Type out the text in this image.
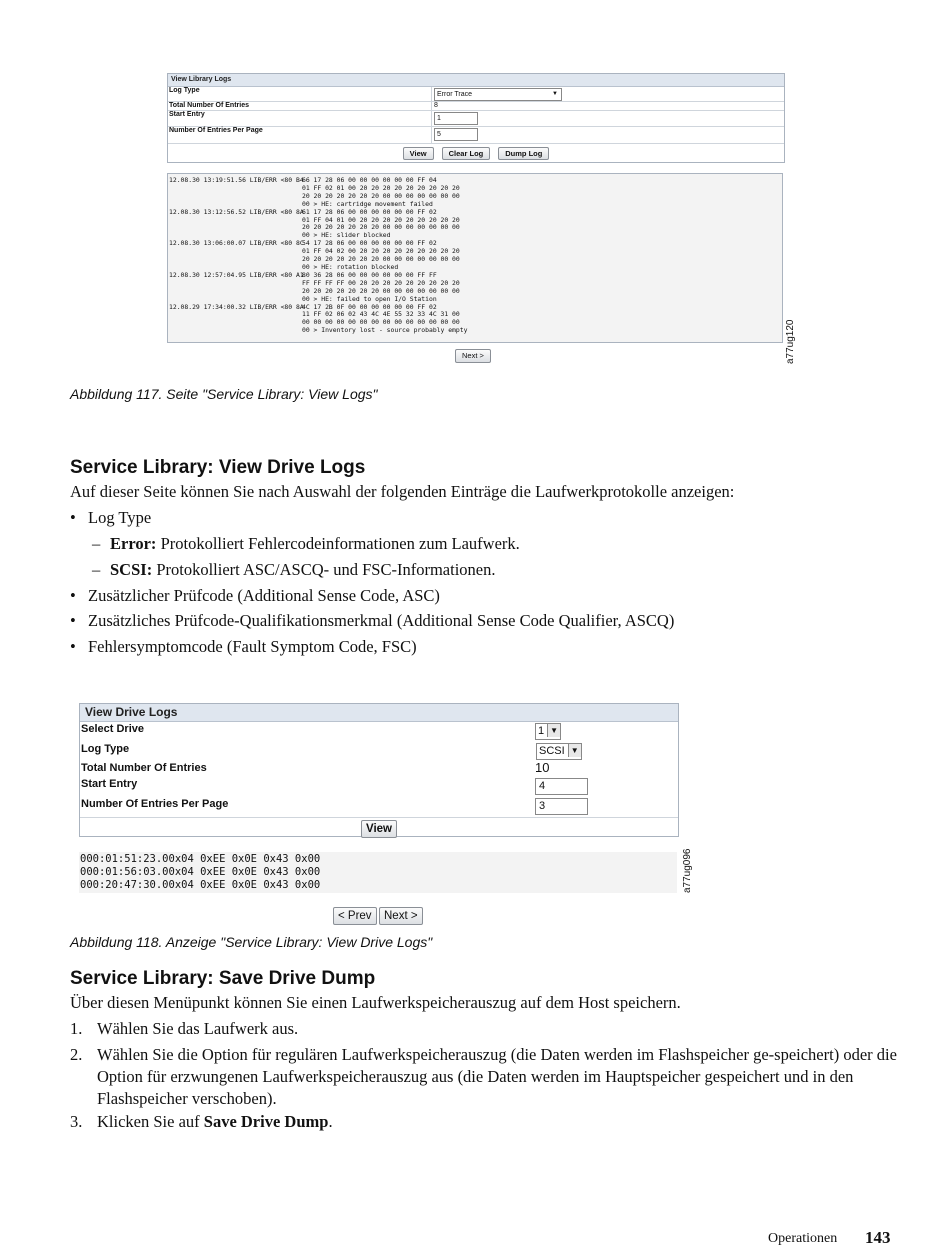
View Library Logs
Log Type
Error Trace	▼
Total Number Of Entries	8
Start Entry
1
Number Of Entries Per Page
5
View	Clear Log	Dump Log
12.08.30 13:19:51.56 LIB/ERR <80 B466 17 28 06 00 00 00 00 00 00 FF 04
01 FF 02 01 00 20 20 20 20 20 20 20 20 20
20 20 20 20 20 20 20 00 00 00 00 00 00 00
00 > HE: cartridge movement failed
12.08.30 13:12:56.52 LIB/ERR <80 8A61 17 28 06 00 00 00 00 00 00 FF 02
01 FF 04 01 00 20 20 20 20 20 20 20 20 20
20 20 20 20 20 20 20 00 00 00 00 00 00 00
00 > HE: slider blocked
12.08.30 13:06:00.07 LIB/ERR <80 8C54 17 28 06 00 00 00 00 00 00 FF 02
01 FF 04 02 00 20 20 20 20 20 20 20 20 20
20 20 20 20 20 20 20 00 00 00 00 00 00 00
00 > HE: rotation blocked
12.08.30 12:57:04.95 LIB/ERR <80 A180 36 28 06 00 00 00 00 00 00 FF FF
FF FF FF FF 00 20 20 20 20 20 20 20 20 20
20 20 20 20 20 20 20 00 00 00 00 00 00 00
00 > HE: failed to open I/O Station
12.08.29 17:34:00.32 LIB/ERR <80 8A4C 17 2B 0F 00 00 00 00 00 00 FF 02
11 FF 02 06 02 43 4C 4E 55 32 33 4C 31 00
00 00 00 00 00 00 00 00 00 00 00 00 00 00
00 > Inventory lost - source probably empty
Next >	a77ug120
Abbildung 117. Seite "Service Library: View Logs"
Service Library: View Drive Logs
Auf dieser Seite können Sie nach Auswahl der folgenden Einträge die Laufwerkprotokolle anzeigen:
• Log Type
– Error: Protokolliert Fehlercodeinformationen zum Laufwerk.
– SCSI: Protokolliert ASC/ASCQ- und FSC-Informationen.
• Zusätzlicher Prüfcode (Additional Sense Code, ASC)
• Zusätzliches Prüfcode-Qualifikationsmerkmal (Additional Sense Code Qualifier, ASCQ)
• Fehlersymptomcode (Fault Symptom Code, FSC)
View Drive Logs
Select Drive	1 ▼
Log Type	SCSI ▼
Total Number Of Entries	10
Start Entry	4
Number Of Entries Per Page	3
View
000:01:51:23.00x04 0xEE 0x0E 0x43 0x00
000:01:56:03.00x04 0xEE 0x0E 0x43 0x00
000:20:47:30.00x04 0xEE 0x0E 0x43 0x00	a77ug096
< Prev	Next >
Abbildung 118. Anzeige "Service Library: View Drive Logs"
Service Library: Save Drive Dump
Über diesen Menüpunkt können Sie einen Laufwerkspeicherauszug auf dem Host speichern.
1. Wählen Sie das Laufwerk aus.
2. Wählen Sie die Option für regulären Laufwerkspeicherauszug (die Daten werden im Flashspeicher ge-speichert) oder die Option für erzwungenen Laufwerkspeicherauszug aus (die Daten werden im Hauptspeicher gespeichert und in den Flashspeicher verschoben).
3. Klicken Sie auf Save Drive Dump.
Operationen 143
